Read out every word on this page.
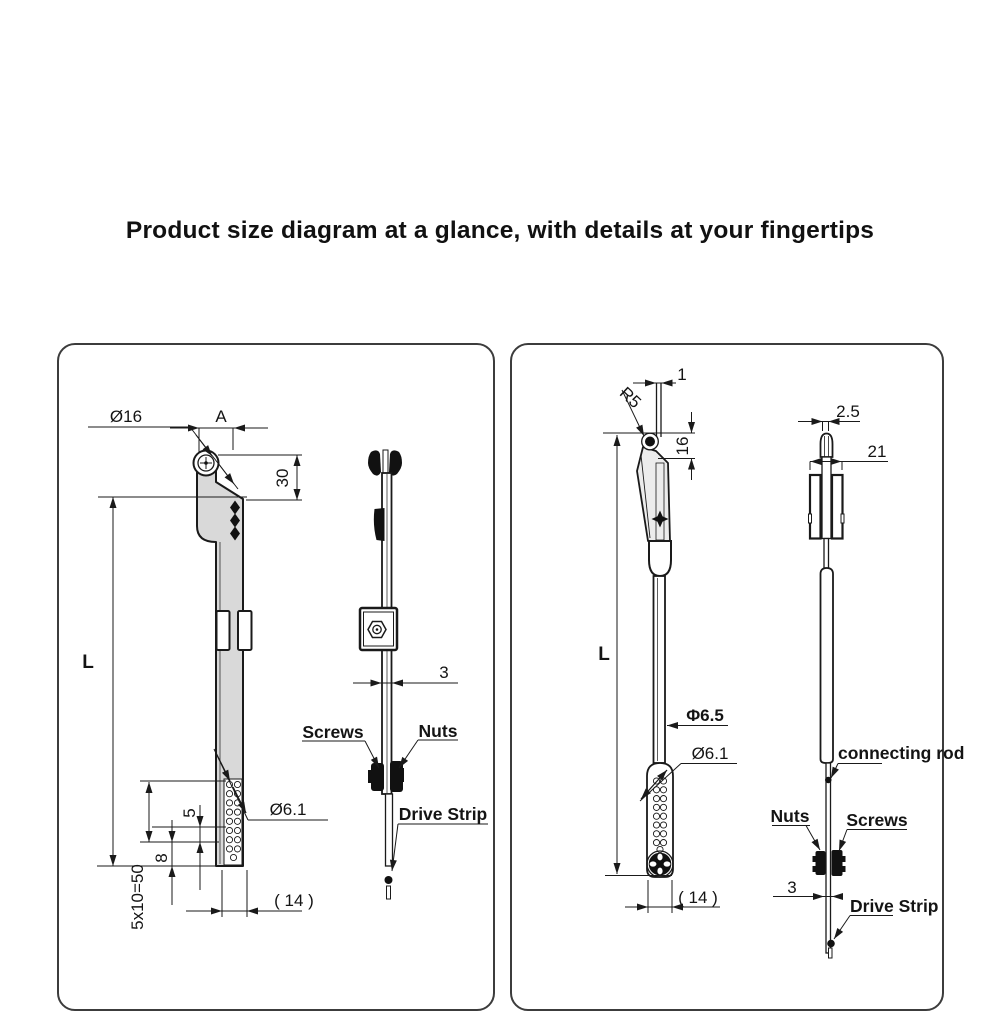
Product size diagram at a glance, with details at your fingertips
Ø16	A
30
L
Ø6.1
5x10=50
8
5
( 14 )
3
Screws	Nuts
Drive Strip
1
R5
16
L
Φ6.5
Ø6.1
( 14 )
2.5
21
connecting rod
Nuts Screws
3
Drive Strip
